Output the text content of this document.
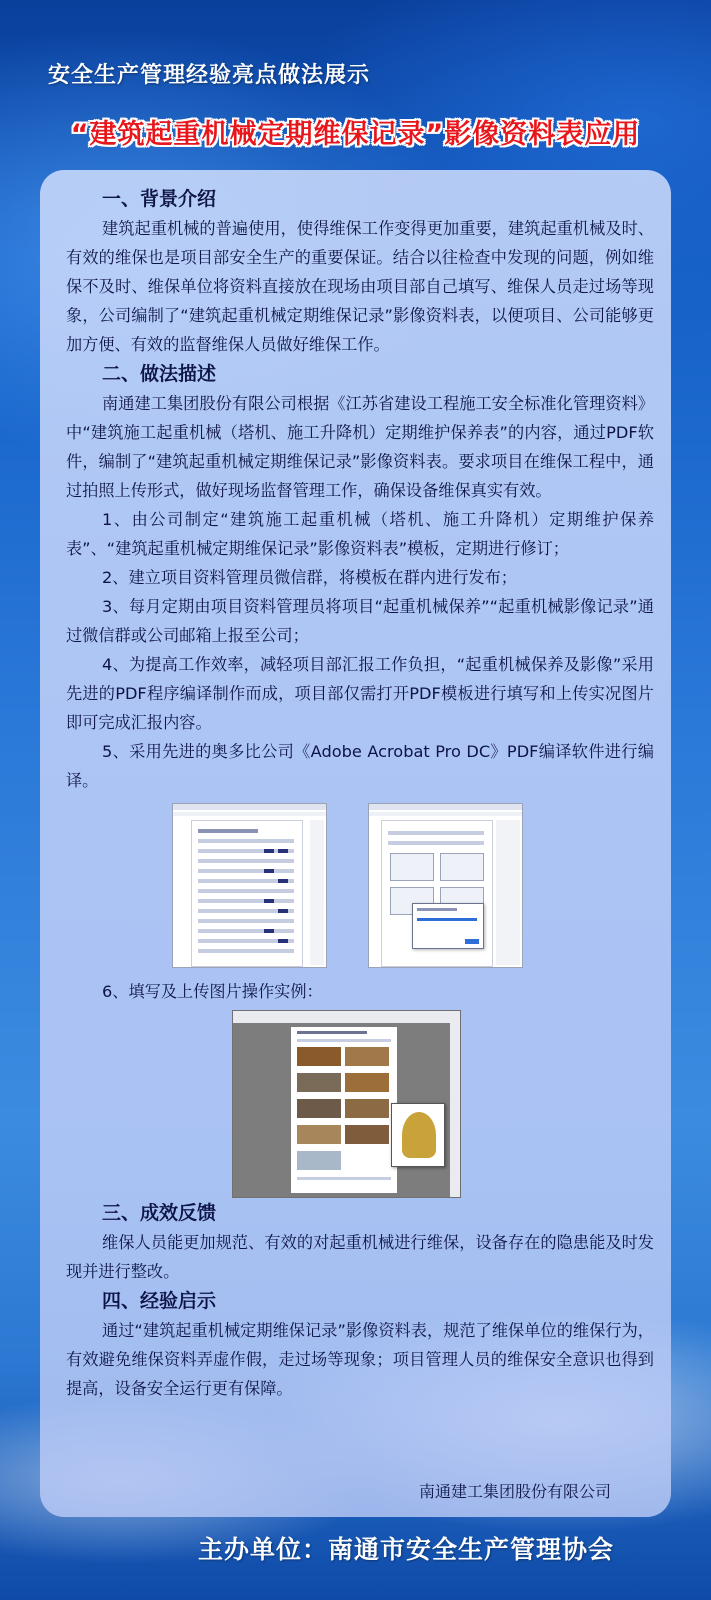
安全生产管理经验亮点做法展示
“建筑起重机械定期维保记录”影像资料表应用
一、背景介绍

建筑起重机械的普遍使用，使得维保工作变得更加重要，建筑起重机械及时、有效的维保也是项目部安全生产的重要保证。结合以往检查中发现的问题，例如维保不及时、维保单位将资料直接放在现场由项目部自己填写、维保人员走过场等现象，公司编制了“建筑起重机械定期维保记录”影像资料表，以便项目、公司能够更加方便、有效的监督维保人员做好维保工作。

二、做法描述

南通建工集团股份有限公司根据《江苏省建设工程施工安全标准化管理资料》中“建筑施工起重机械（塔机、施工升降机）定期维护保养表”的内容，通过PDF软件，编制了“建筑起重机械定期维保记录”影像资料表。要求项目在维保工程中，通过拍照上传形式，做好现场监督管理工作，确保设备维保真实有效。

1、由公司制定“建筑施工起重机械（塔机、施工升降机）定期维护保养表”、“建筑起重机械定期维保记录”影像资料表”模板，定期进行修订；

2、建立项目资料管理员微信群，将模板在群内进行发布；

3、每月定期由项目资料管理员将项目“起重机械保养”“起重机械影像记录”通过微信群或公司邮箱上报至公司；

4、为提高工作效率，减轻项目部汇报工作负担，“起重机械保养及影像”采用先进的PDF程序编译制作而成，项目部仅需打开PDF模板进行填写和上传实况图片即可完成汇报内容。

5、采用先进的奥多比公司《Adobe Acrobat Pro DC》PDF编译软件进行编译。

6、填写及上传图片操作实例：

三、成效反馈

维保人员能更加规范、有效的对起重机械进行维保，设备存在的隐患能及时发现并进行整改。

四、经验启示

通过“建筑起重机械定期维保记录”影像资料表，规范了维保单位的维保行为，有效避免维保资料弄虚作假，走过场等现象；项目管理人员的维保安全意识也得到提高，设备安全运行更有保障。

南通建工集团股份有限公司
主办单位：南通市安全生产管理协会
